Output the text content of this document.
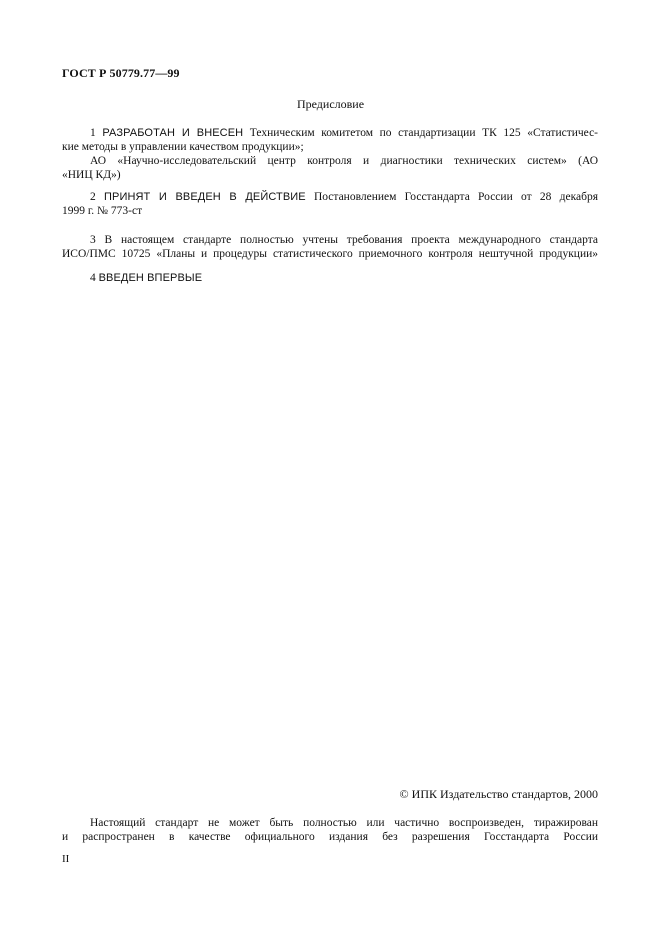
ГОСТ Р 50779.77—99
Предисловие
1 РАЗРАБОТАН И ВНЕСЕН Техническим комитетом по стандартизации ТК 125 «Статистичес-
кие методы в управлении качеством продукции»;
АО «Научно-исследовательский центр контроля и диагностики технических систем» (АО
«НИЦ КД»)
2 ПРИНЯТ И ВВЕДЕН В ДЕЙСТВИЕ Постановлением Госстандарта России от 28 декабря
1999 г. № 773-ст
3 В настоящем стандарте полностью учтены требования проекта международного стандарта
ИСО/ПМС 10725 «Планы и процедуры статистического приемочного контроля нештучной продукции»
4 ВВЕДЕН ВПЕРВЫЕ
© ИПК Издательство стандартов, 2000
Настоящий стандарт не может быть полностью или частично воспроизведен, тиражирован
и распространен в качестве официального издания без разрешения Госстандарта России
II
